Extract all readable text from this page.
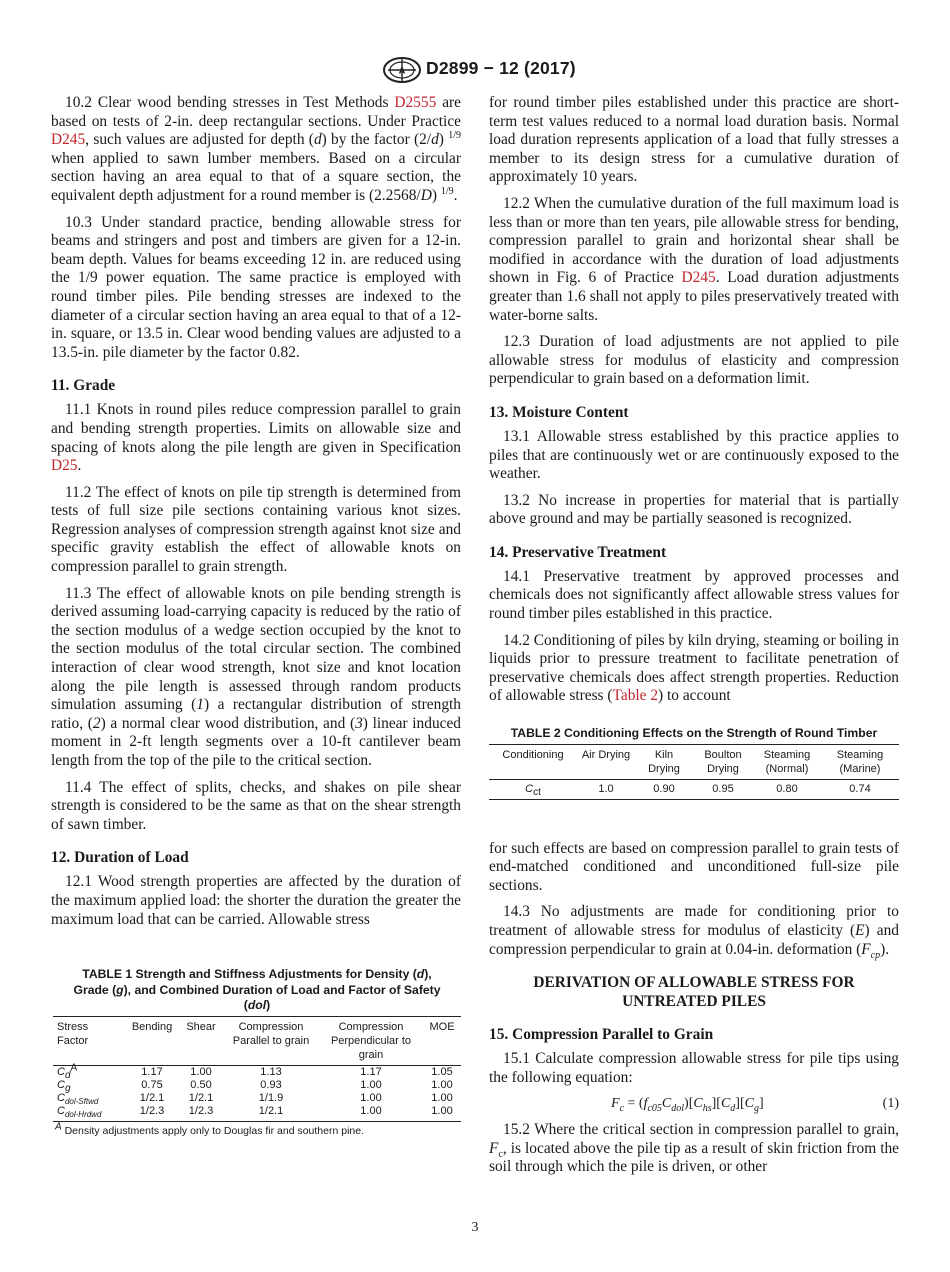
A D2899 − 12 (2017)

10.2 Clear wood bending stresses in Test Methods D2555 are based on tests of 2-in. deep rectangular sections. Under Practice D245, such values are adjusted for depth (d) by the factor (2/d) $^{1/9}$ when applied to sawn lumber members. Based on a circular section having an area equal to that of a square section, the equivalent depth adjustment for a round member is (2.2568/D) $^{1/9}$.

10.3 Under standard practice, bending allowable stress for beams and stringers and post and timbers are given for a 12-in. beam depth. Values for beams exceeding 12 in. are reduced using the 1/9 power equation. The same practice is employed with round timber piles. Pile bending stresses are indexed to the diameter of a circular section having an area equal to that of a 12-in. square, or 13.5 in. Clear wood bending values are adjusted to a 13.5-in. pile diameter by the factor 0.82.

11. Grade

11.1 Knots in round piles reduce compression parallel to grain and bending strength properties. Limits on allowable size and spacing of knots along the pile length are given in Specification D25.

11.2 The effect of knots on pile tip strength is determined from tests of full size pile sections containing various knot sizes. Regression analyses of compression strength against knot size and specific gravity establish the effect of allowable knots on compression parallel to grain strength.

11.3 The effect of allowable knots on pile bending strength is derived assuming load-carrying capacity is reduced by the ratio of the section modulus of a wedge section occupied by the knot to the section modulus of the total circular section. The combined interaction of clear wood strength, knot size and knot location along the pile length is assessed through random products simulation assuming (1) a rectangular distribution of strength ratio, (2) a normal clear wood distribution, and (3) linear induced moment in 2-ft length segments over a 10-ft cantilever beam length from the top of the pile to the critical section.

11.4 The effect of splits, checks, and shakes on pile shear strength is considered to be the same as that on the shear strength of sawn timber.

12. Duration of Load

12.1 Wood strength properties are affected by the duration of the maximum applied load: the shorter the duration the greater the maximum load that can be carried. Allowable stress

TABLE 1 Strength and Stiffness Adjustments for Density (d), Grade (g), and Combined Duration of Load and Factor of Safety (dol)
Stress Factor	Bending	Shear	Compression Parallel to grain	Compression Perpendicular to grain	MOE
$C_d^A$	1.17	1.00	1.13	1.17	1.05
$C_g$	0.75	0.50	0.93	1.00	1.00
$C_{dol-Sftwd}$	1/2.1	1/2.1	1/1.9	1.00	1.00
$C_{dol-Hrdwd}$	1/2.3	1/2.3	1/2.1	1.00	1.00
$^A$ Density adjustments apply only to Douglas fir and southern pine.

for round timber piles established under this practice are short-term test values reduced to a normal load duration basis. Normal load duration represents application of a load that fully stresses a member to its design stress for a cumulative duration of approximately 10 years.

12.2 When the cumulative duration of the full maximum load is less than or more than ten years, pile allowable stress for bending, compression parallel to grain and horizontal shear shall be modified in accordance with the duration of load adjustments shown in Fig. 6 of Practice D245. Load duration adjustments greater than 1.6 shall not apply to piles preservatively treated with water-borne salts.

12.3 Duration of load adjustments are not applied to pile allowable stress for modulus of elasticity and compression perpendicular to grain based on a deformation limit.

13. Moisture Content

13.1 Allowable stress established by this practice applies to piles that are continuously wet or are continuously exposed to the weather.

13.2 No increase in properties for material that is partially above ground and may be partially seasoned is recognized.

14. Preservative Treatment

14.1 Preservative treatment by approved processes and chemicals does not significantly affect allowable stress values for round timber piles established in this practice.

14.2 Conditioning of piles by kiln drying, steaming or boiling in liquids prior to pressure treatment to facilitate penetration of preservative chemicals does affect strength properties. Reduction of allowable stress (Table 2) to account

TABLE 2 Conditioning Effects on the Strength of Round Timber
Conditioning	Air Drying	Kiln Drying	Boulton Drying	Steaming (Normal)	Steaming (Marine)
$C_{ct}$	1.0	0.90	0.95	0.80	0.74

for such effects are based on compression parallel to grain tests of end-matched conditioned and unconditioned full-size pile sections.

14.3 No adjustments are made for conditioning prior to treatment of allowable stress for modulus of elasticity (E) and compression perpendicular to grain at 0.04-in. deformation $(F_{cp})$.

DERIVATION OF ALLOWABLE STRESS FOR UNTREATED PILES
15. Compression Parallel to Grain

15.1 Calculate compression allowable stress for pile tips using the following equation:

$F_c = (f_{c05}C_{dol})[C_{hs}][C_d][C_g]$	(1)

15.2 Where the critical section in compression parallel to grain, $F_c$, is located above the pile tip as a result of skin friction from the soil through which the pile is driven, or other

3
